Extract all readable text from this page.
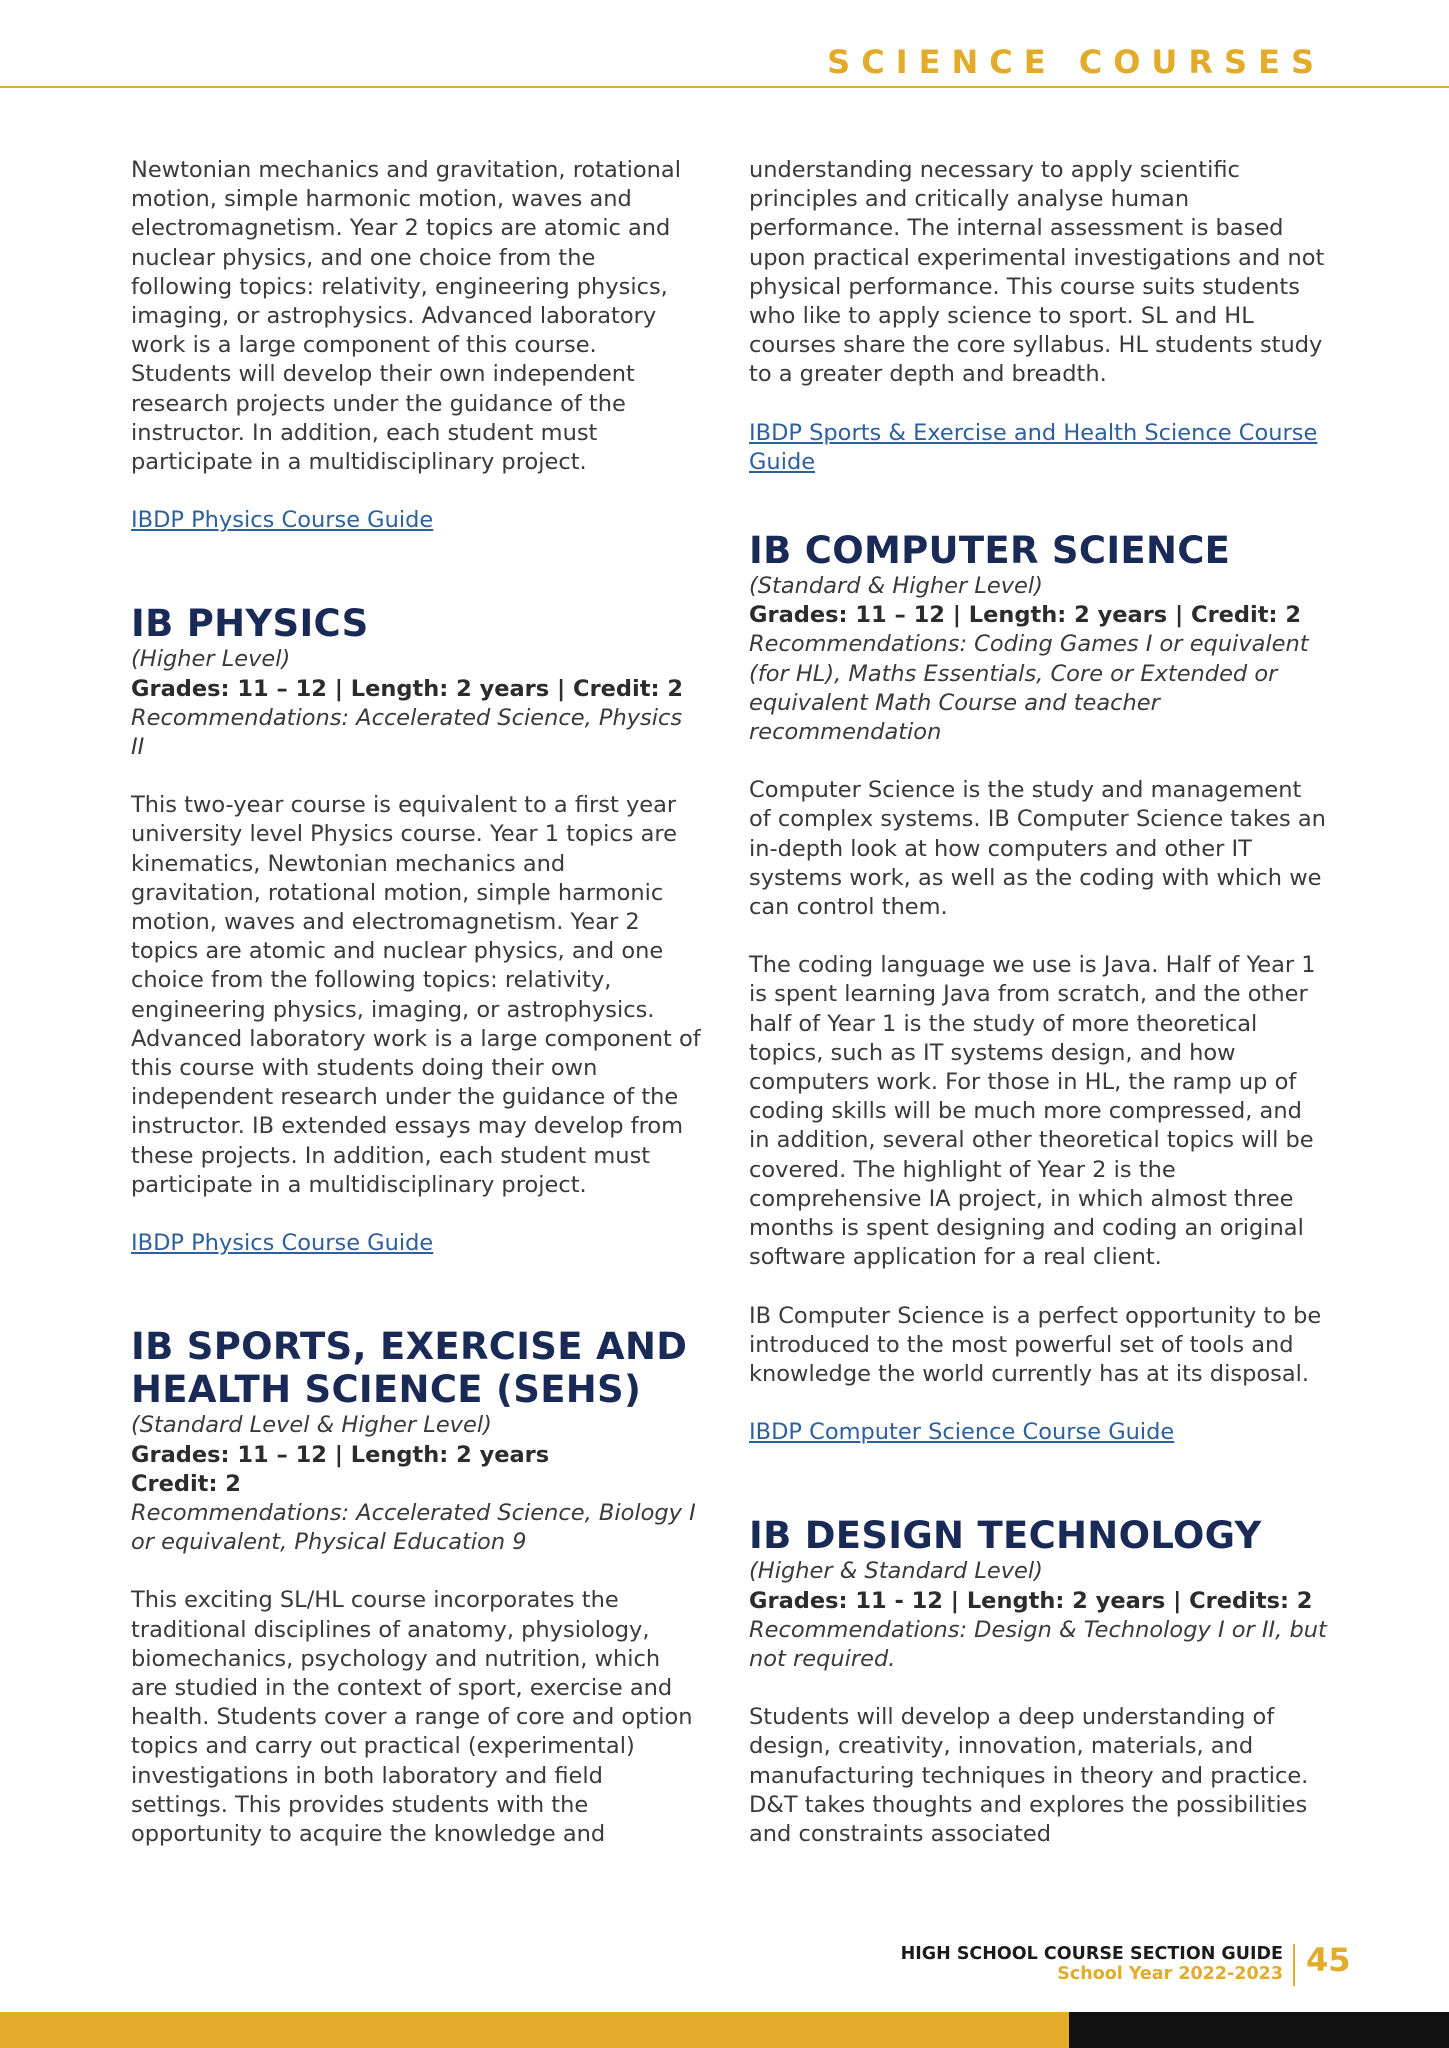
SCIENCE COURSES

Newtonian mechanics and gravitation, rotational motion, simple harmonic motion, waves and electromagnetism. Year 2 topics are atomic and nuclear physics, and one choice from the following topics: relativity, engineering physics, imaging, or astrophysics. Advanced laboratory work is a large component of this course. Students will develop their own independent research projects under the guidance of the instructor. In addition, each student must participate in a multidisciplinary project.

IBDP Physics Course Guide
IB PHYSICS
(Higher Level)
Grades: 11 – 12 | Length: 2 years | Credit: 2
Recommendations: Accelerated Science, Physics II

This two-year course is equivalent to a first year university level Physics course. Year 1 topics are kinematics, Newtonian mechanics and gravitation, rotational motion, simple harmonic motion, waves and electromagnetism. Year 2 topics are atomic and nuclear physics, and one choice from the following topics: relativity, engineering physics, imaging, or astrophysics. Advanced laboratory work is a large component of this course with students doing their own independent research under the guidance of the instructor. IB extended essays may develop from these projects. In addition, each student must participate in a multidisciplinary project.

IBDP Physics Course Guide
IB SPORTS, EXERCISE AND HEALTH SCIENCE (SEHS)
(Standard Level & Higher Level)
Grades: 11 – 12 | Length: 2 years
Credit: 2
Recommendations: Accelerated Science, Biology I or equivalent, Physical Education 9

This exciting SL/HL course incorporates the traditional disciplines of anatomy, physiology, biomechanics, psychology and nutrition, which are studied in the context of sport, exercise and health. Students cover a range of core and option topics and carry out practical (experimental) investigations in both laboratory and field settings. This provides students with the opportunity to acquire the knowledge and

understanding necessary to apply scientific principles and critically analyse human performance. The internal assessment is based upon practical experimental investigations and not physical performance. This course suits students who like to apply science to sport. SL and HL courses share the core syllabus. HL students study to a greater depth and breadth.

IBDP Sports & Exercise and Health Science Course Guide
IB COMPUTER SCIENCE
(Standard & Higher Level)
Grades: 11 – 12 | Length: 2 years | Credit: 2
Recommendations: Coding Games I or equivalent (for HL), Maths Essentials, Core or Extended or equivalent Math Course and teacher recommendation

Computer Science is the study and management of complex systems. IB Computer Science takes an in-depth look at how computers and other IT systems work, as well as the coding with which we can control them.

The coding language we use is Java. Half of Year 1 is spent learning Java from scratch, and the other half of Year 1 is the study of more theoretical topics, such as IT systems design, and how computers work. For those in HL, the ramp up of coding skills will be much more compressed, and in addition, several other theoretical topics will be covered. The highlight of Year 2 is the comprehensive IA project, in which almost three months is spent designing and coding an original software application for a real client.

IB Computer Science is a perfect opportunity to be introduced to the most powerful set of tools and knowledge the world currently has at its disposal.

IBDP Computer Science Course Guide
IB DESIGN TECHNOLOGY
(Higher & Standard Level)
Grades: 11 - 12 | Length: 2 years | Credits: 2
Recommendations: Design & Technology I or II, but not required.

Students will develop a deep understanding of design, creativity, innovation, materials, and manufacturing techniques in theory and practice. D&T takes thoughts and explores the possibilities and constraints associated

HIGH SCHOOL COURSE SECTION GUIDE
School Year 2022-2023 45
